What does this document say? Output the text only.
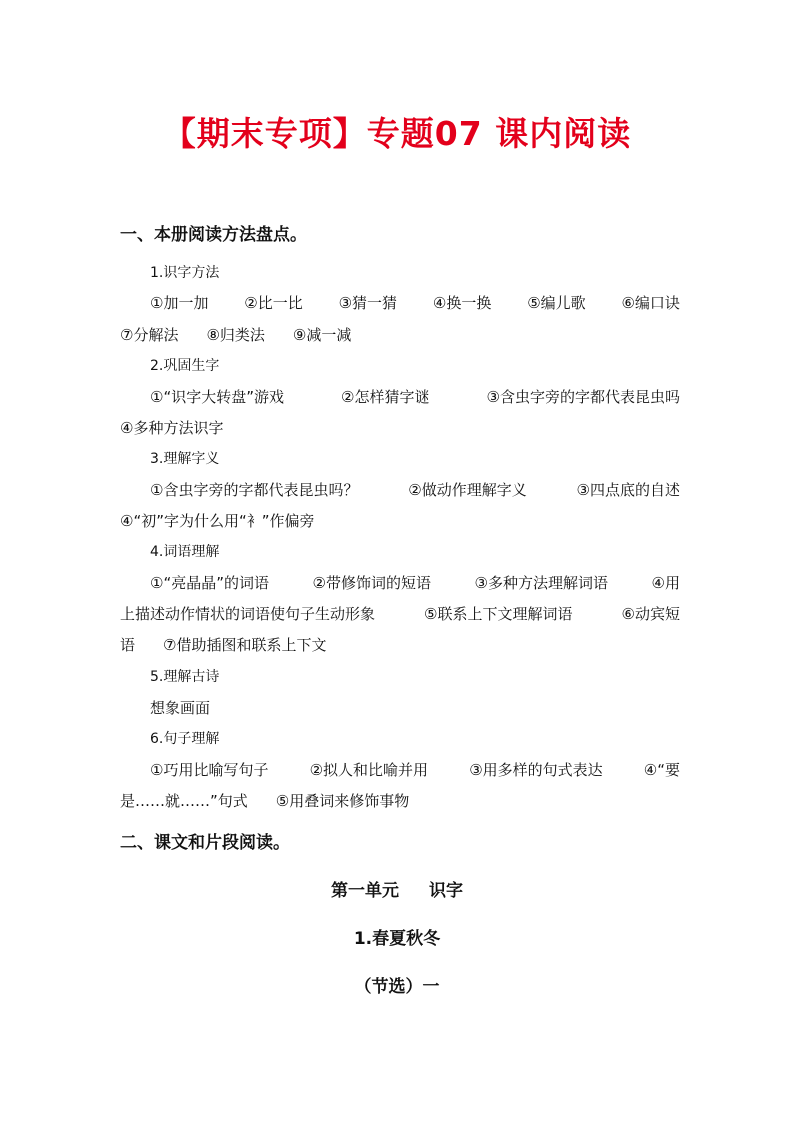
【期末专项】专题07 课内阅读
一、本册阅读方法盘点。
1.识字方法
①加一加 ②比一比 ③猜一猜 ④换一换 ⑤编儿歌 ⑥编口诀
⑦分解法 ⑧归类法 ⑨减一减
2.巩固生字
①“识字大转盘”游戏	②怎样猜字谜	③含虫字旁的字都代表昆虫吗
④多种方法识字
3.理解字义
①含虫字旁的字都代表昆虫吗？	②做动作理解字义	③四点底的自述
④“初”字为什么用“衤”作偏旁
4.词语理解
①“亮晶晶”的词语	②带修饰词的短语	③多种方法理解词语	④用
上描述动作情状的词语使句子生动形象	⑤联系上下文理解词语	⑥动宾短
语 ⑦借助插图和联系上下文
5.理解古诗
想象画面
6.句子理解
①巧用比喻写句子	②拟人和比喻并用	③用多样的句式表达	④“要
是……就……”句式 ⑤用叠词来修饰事物
二、课文和片段阅读。
第一单元 识字
1.春夏秋冬
（节选）一
